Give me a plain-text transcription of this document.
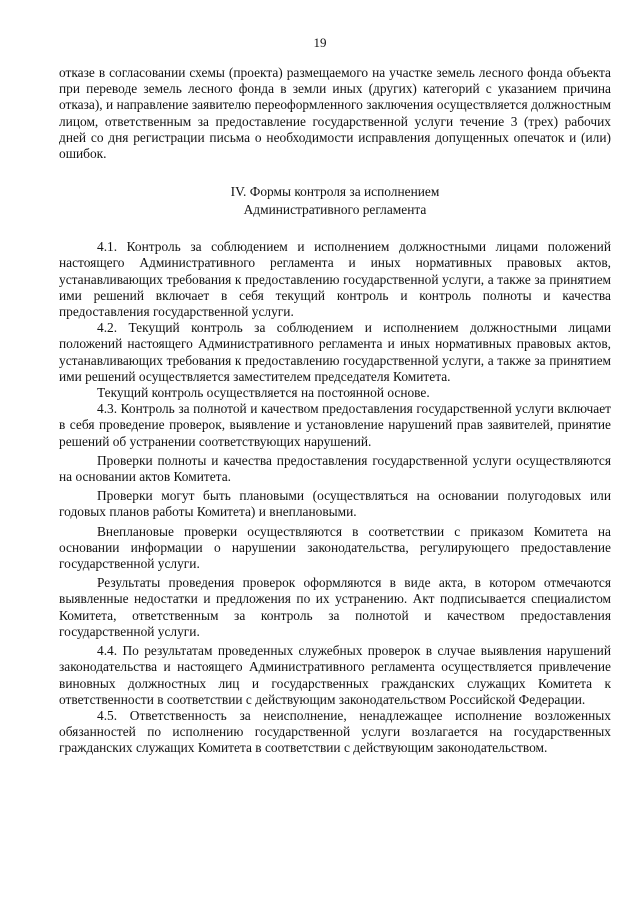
19

отказе в согласовании схемы (проекта) размещаемого на участке земель лесного фонда объекта при переводе земель лесного фонда в земли иных (других) категорий с указанием причина отказа), и направление заявителю переоформленного заключения осуществляется должностным лицом, ответственным за предоставление государственной услуги течение 3 (трех) рабочих дней со дня регистрации письма о необходимости исправления допущенных опечаток и (или) ошибок.

IV. Формы контроля за исполнением
Административного регламента

4.1. Контроль за соблюдением и исполнением должностными лицами положений настоящего Административного регламента и иных нормативных правовых актов, устанавливающих требования к предоставлению государственной услуги, а также за принятием ими решений включает в себя текущий контроль и контроль полноты и качества предоставления государственной услуги.

4.2. Текущий контроль за соблюдением и исполнением должностными лицами положений настоящего Административного регламента и иных нормативных правовых актов, устанавливающих требования к предоставлению государственной услуги, а также за принятием ими решений осуществляется заместителем председателя Комитета.

Текущий контроль осуществляется на постоянной основе.

4.3. Контроль за полнотой и качеством предоставления государственной услуги включает в себя проведение проверок, выявление и установление нарушений прав заявителей, принятие решений об устранении соответствующих нарушений.

Проверки полноты и качества предоставления государственной услуги осуществляются на основании актов Комитета.

Проверки могут быть плановыми (осуществляться на основании полугодовых или годовых планов работы Комитета) и внеплановыми.

Внеплановые проверки осуществляются в соответствии с приказом Комитета на основании информации о нарушении законодательства, регулирующего предоставление государственной услуги.

Результаты проведения проверок оформляются в виде акта, в котором отмечаются выявленные недостатки и предложения по их устранению. Акт подписывается специалистом Комитета, ответственным за контроль за полнотой и качеством предоставления государственной услуги.

4.4. По результатам проведенных служебных проверок в случае выявления нарушений законодательства и настоящего Административного регламента осуществляется привлечение виновных должностных лиц и государственных гражданских служащих Комитета к ответственности в соответствии с действующим законодательством Российской Федерации.

4.5. Ответственность за неисполнение, ненадлежащее исполнение возложенных обязанностей по исполнению государственной услуги возлагается на государственных гражданских служащих Комитета в соответствии с действующим законодательством.
